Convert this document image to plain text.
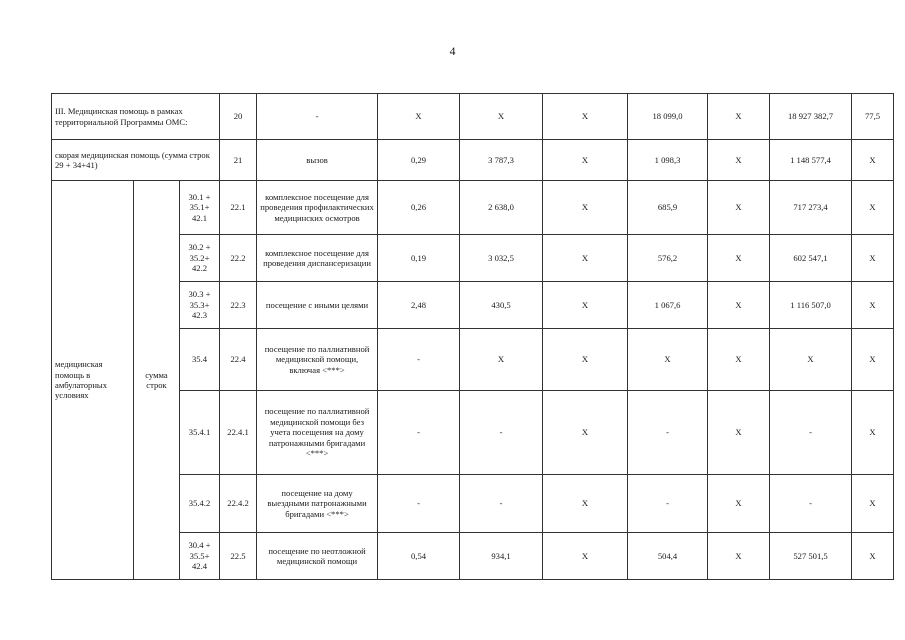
4
III. Медицинская помощь в рамках территориальной Программы ОМС:			20	-	X	X	X	18 099,0	X	18 927 382,7	77,5

скорая медицинская помощь (сумма строк 29 + 34+41)			21	вызов	0,29	3 787,3	X	1 098,3	X	1 148 577,4	X

медицинская помощь в амбулаторных условиях	сумма строк	30.1 + 35.1+ 42.1	22.1	комплексное посещение для проведения профилактических медицинских осмотров	0,26	2 638,0	X	685,9	X	717 273,4	X
		30.2 + 35.2+ 42.2	22.2	комплексное посещение для проведения диспансеризации	0,19	3 032,5	X	576,2	X	602 547,1	X
		30.3 + 35.3+ 42.3	22.3	посещение с иными целями	2,48	430,5	X	1 067,6	X	1 116 507,0	X
		35.4	22.4	посещение по паллиативной медицинской помощи, включая <***>	-	X	X	X	X	X	X
		35.4.1	22.4.1	посещение по паллиативной медицинской помощи без учета посещения на дому патронажными бригадами <***>	-	-	X	-	X	-	X
		35.4.2	22.4.2	посещение на дому выездными патронажными бригадами <***>	-	-	X	-	X	-	X
		30.4 + 35.5+ 42.4	22.5	посещение по неотложной медицинской помощи	0,54	934,1	X	504,4	X	527 501,5	X
